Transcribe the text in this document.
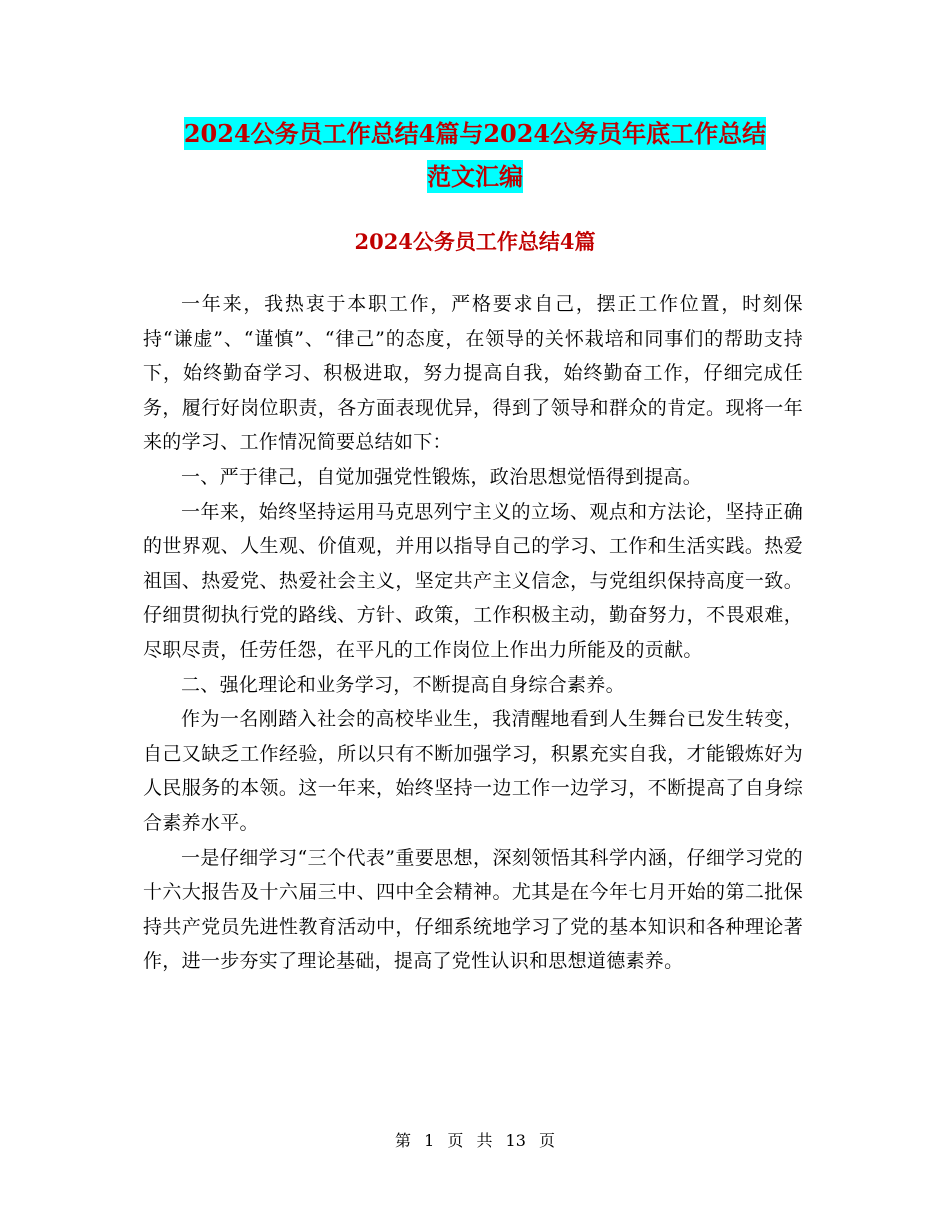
2024公务员工作总结4篇与2024公务员年底工作总结
范文汇编
2024公务员工作总结4篇

一年来，我热衷于本职工作，严格要求自己，摆正工作位置，时刻保持“谦虚”、“谨慎”、“律己”的态度，在领导的关怀栽培和同事们的帮助支持下，始终勤奋学习、积极进取，努力提高自我，始终勤奋工作，仔细完成任务，履行好岗位职责，各方面表现优异，得到了领导和群众的肯定。现将一年来的学习、工作情况简要总结如下：

一、严于律己，自觉加强党性锻炼，政治思想觉悟得到提高。

一年来，始终坚持运用马克思列宁主义的立场、观点和方法论，坚持正确的世界观、人生观、价值观，并用以指导自己的学习、工作和生活实践。热爱祖国、热爱党、热爱社会主义，坚定共产主义信念，与党组织保持高度一致。仔细贯彻执行党的路线、方针、政策，工作积极主动，勤奋努力，不畏艰难，尽职尽责，任劳任怨，在平凡的工作岗位上作出力所能及的贡献。

二、强化理论和业务学习，不断提高自身综合素养。

作为一名刚踏入社会的高校毕业生，我清醒地看到人生舞台已发生转变，自己又缺乏工作经验，所以只有不断加强学习，积累充实自我，才能锻炼好为人民服务的本领。这一年来，始终坚持一边工作一边学习，不断提高了自身综合素养水平。

一是仔细学习“三个代表”重要思想，深刻领悟其科学内涵，仔细学习党的十六大报告及十六届三中、四中全会精神。尤其是在今年七月开始的第二批保持共产党员先进性教育活动中，仔细系统地学习了党的基本知识和各种理论著作，进一步夯实了理论基础，提高了党性认识和思想道德素养。

第 1 页 共 13 页
